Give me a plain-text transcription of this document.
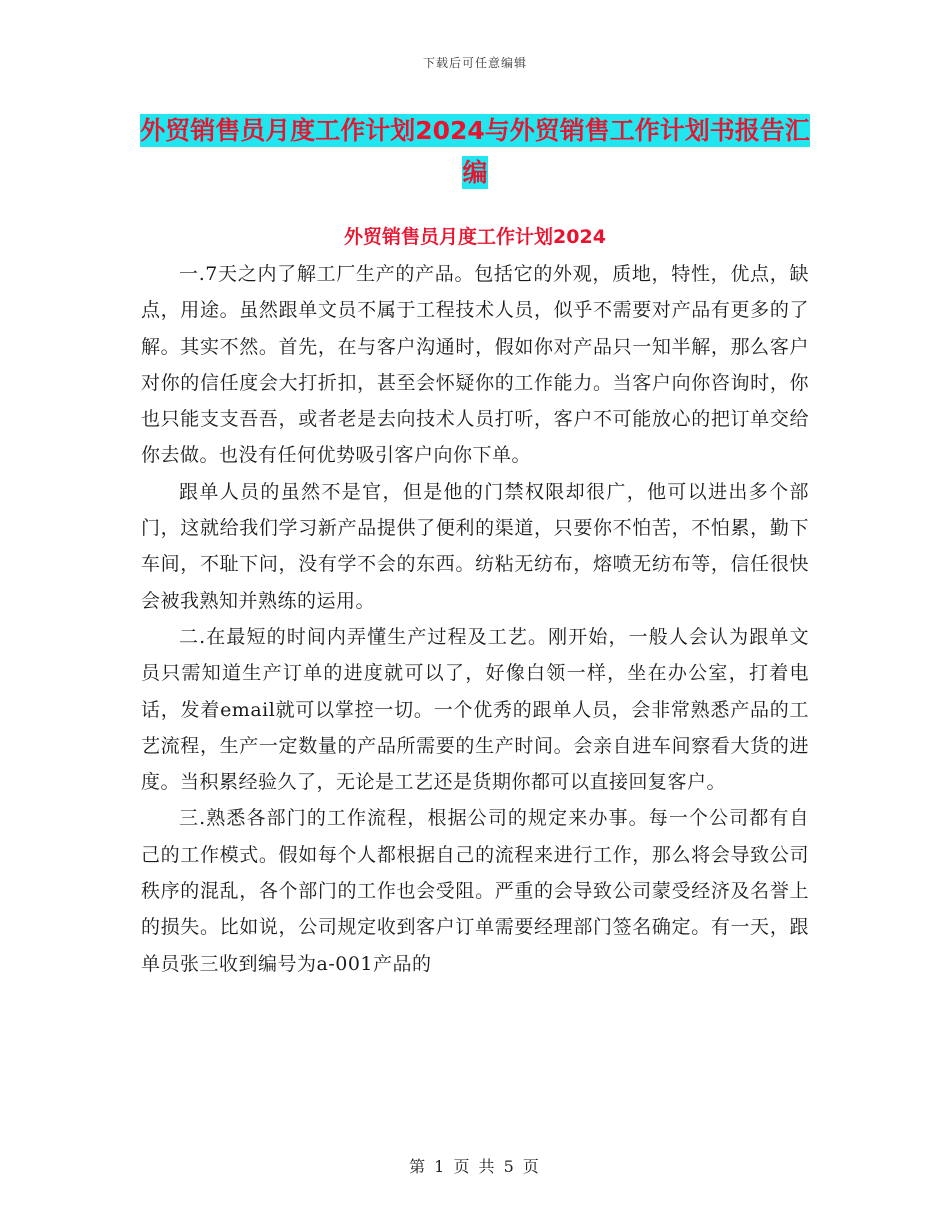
下载后可任意编辑
外贸销售员月度工作计划2024与外贸销售工作计划书报告汇编
外贸销售员月度工作计划2024

一.7天之内了解工厂生产的产品。包括它的外观，质地，特性，优点，缺点，用途。虽然跟单文员不属于工程技术人员，似乎不需要对产品有更多的了解。其实不然。首先，在与客户沟通时，假如你对产品只一知半解，那么客户对你的信任度会大打折扣，甚至会怀疑你的工作能力。当客户向你咨询时，你也只能支支吾吾，或者老是去向技术人员打听，客户不可能放心的把订单交给你去做。也没有任何优势吸引客户向你下单。

跟单人员的虽然不是官，但是他的门禁权限却很广，他可以进出多个部门，这就给我们学习新产品提供了便利的渠道，只要你不怕苦，不怕累，勤下车间，不耻下问，没有学不会的东西。纺粘无纺布，熔喷无纺布等，信任很快会被我熟知并熟练的运用。

二.在最短的时间内弄懂生产过程及工艺。刚开始，一般人会认为跟单文员只需知道生产订单的进度就可以了，好像白领一样，坐在办公室，打着电话，发着email就可以掌控一切。一个优秀的跟单人员，会非常熟悉产品的工艺流程，生产一定数量的产品所需要的生产时间。会亲自进车间察看大货的进度。当积累经验久了，无论是工艺还是货期你都可以直接回复客户。

三.熟悉各部门的工作流程，根据公司的规定来办事。每一个公司都有自己的工作模式。假如每个人都根据自己的流程来进行工作，那么将会导致公司秩序的混乱，各个部门的工作也会受阻。严重的会导致公司蒙受经济及名誉上的损失。比如说，公司规定收到客户订单需要经理部门签名确定。有一天，跟单员张三收到编号为a-001产品的

第 1 页 共 5 页
